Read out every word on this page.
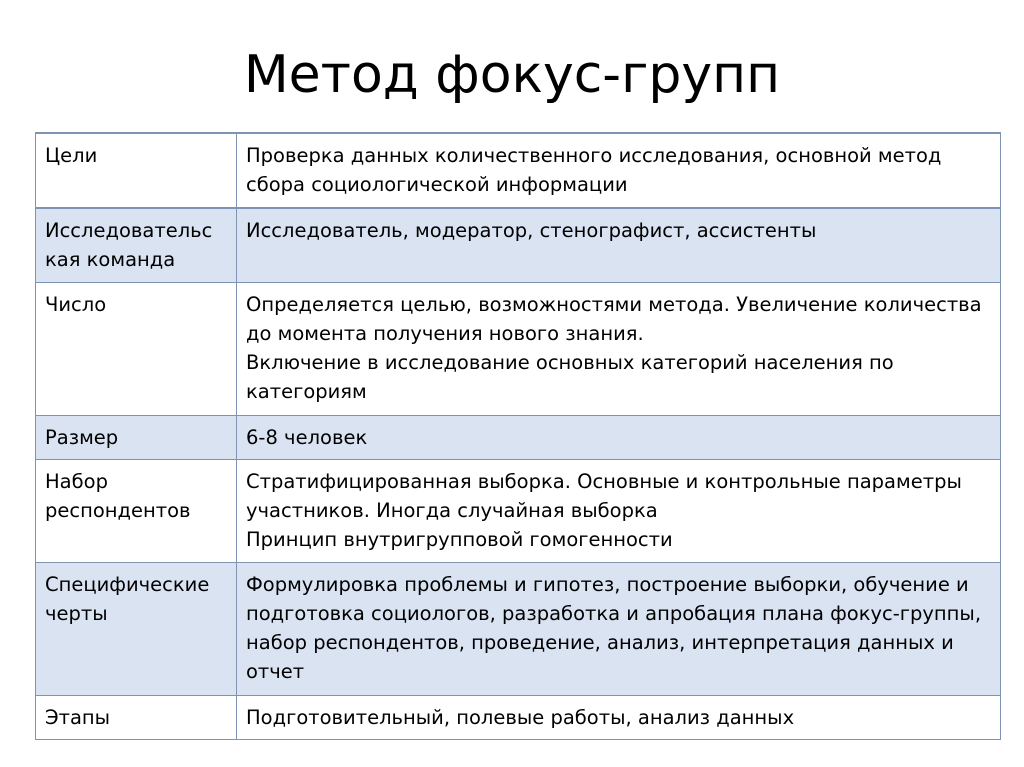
Метод фокус-групп
Цели	Проверка данных количественного исследования, основной метод сбора социологической информации
Исследовательс кая команда	Исследователь, модератор, стенографист, ассистенты
Число	Определяется целью, возможностями метода. Увеличение количества до момента получения нового знания.
Включение в исследование основных категорий населения по категориям
Размер	6-8 человек
Набор респондентов	Стратифицированная выборка. Основные и контрольные параметры участников. Иногда случайная выборка
Принцип внутригрупповой гомогенности
Специфические черты	Формулировка проблемы и гипотез, построение выборки, обучение и подготовка социологов, разработка и апробация плана фокус-группы, набор респондентов, проведение, анализ, интерпретация данных и отчет
Этапы	Подготовительный, полевые работы, анализ данных
